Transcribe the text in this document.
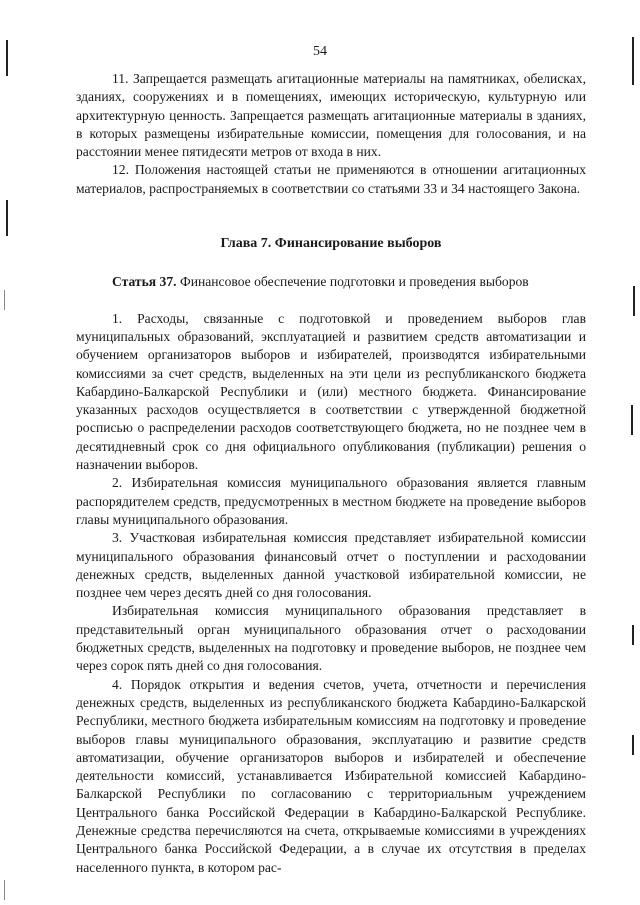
54

11. Запрещается размещать агитационные материалы на памятниках, обелисках, зданиях, сооружениях и в помещениях, имеющих историческую, культурную или архитектурную ценность. Запрещается размещать агитационные материалы в зданиях, в которых размещены избирательные комиссии, помещения для голосования, и на расстоянии менее пятидесяти метров от входа в них.

12. Положения настоящей статьи не применяются в отношении агитационных материалов, распространяемых в соответствии со статьями 33 и 34 настоящего Закона.

Глава 7. Финансирование выборов

Статья 37. Финансовое обеспечение подготовки и проведения выборов

1. Расходы, связанные с подготовкой и проведением выборов глав муниципальных образований, эксплуатацией и развитием средств автоматизации и обучением организаторов выборов и избирателей, производятся избирательными комиссиями за счет средств, выделенных на эти цели из республиканского бюджета Кабардино-Балкарской Республики и (или) местного бюджета. Финансирование указанных расходов осуществляется в соответствии с утвержденной бюджетной росписью о распределении расходов соответствующего бюджета, но не позднее чем в десятидневный срок со дня официального опубликования (публикации) решения о назначении выборов.

2. Избирательная комиссия муниципального образования является главным распорядителем средств, предусмотренных в местном бюджете на проведение выборов главы муниципального образования.

3. Участковая избирательная комиссия представляет избирательной комиссии муниципального образования финансовый отчет о поступлении и расходовании денежных средств, выделенных данной участковой избирательной комиссии, не позднее чем через десять дней со дня голосования.

Избирательная комиссия муниципального образования представляет в представительный орган муниципального образования отчет о расходовании бюджетных средств, выделенных на подготовку и проведение выборов, не позднее чем через сорок пять дней со дня голосования.

4. Порядок открытия и ведения счетов, учета, отчетности и перечисления денежных средств, выделенных из республиканского бюджета Кабардино-Балкарской Республики, местного бюджета избирательным комиссиям на подготовку и проведение выборов главы муниципального образования, эксплуатацию и развитие средств автоматизации, обучение организаторов выборов и избирателей и обеспечение деятельности комиссий, устанавливается Избирательной комиссией Кабардино-Балкарской Республики по согласованию с территориальным учреждением Центрального банка Российской Федерации в Кабардино-Балкарской Республике. Денежные средства перечисляются на счета, открываемые комиссиями в учреждениях Центрального банка Российской Федерации, а в случае их отсутствия в пределах населенного пункта, в котором рас-
